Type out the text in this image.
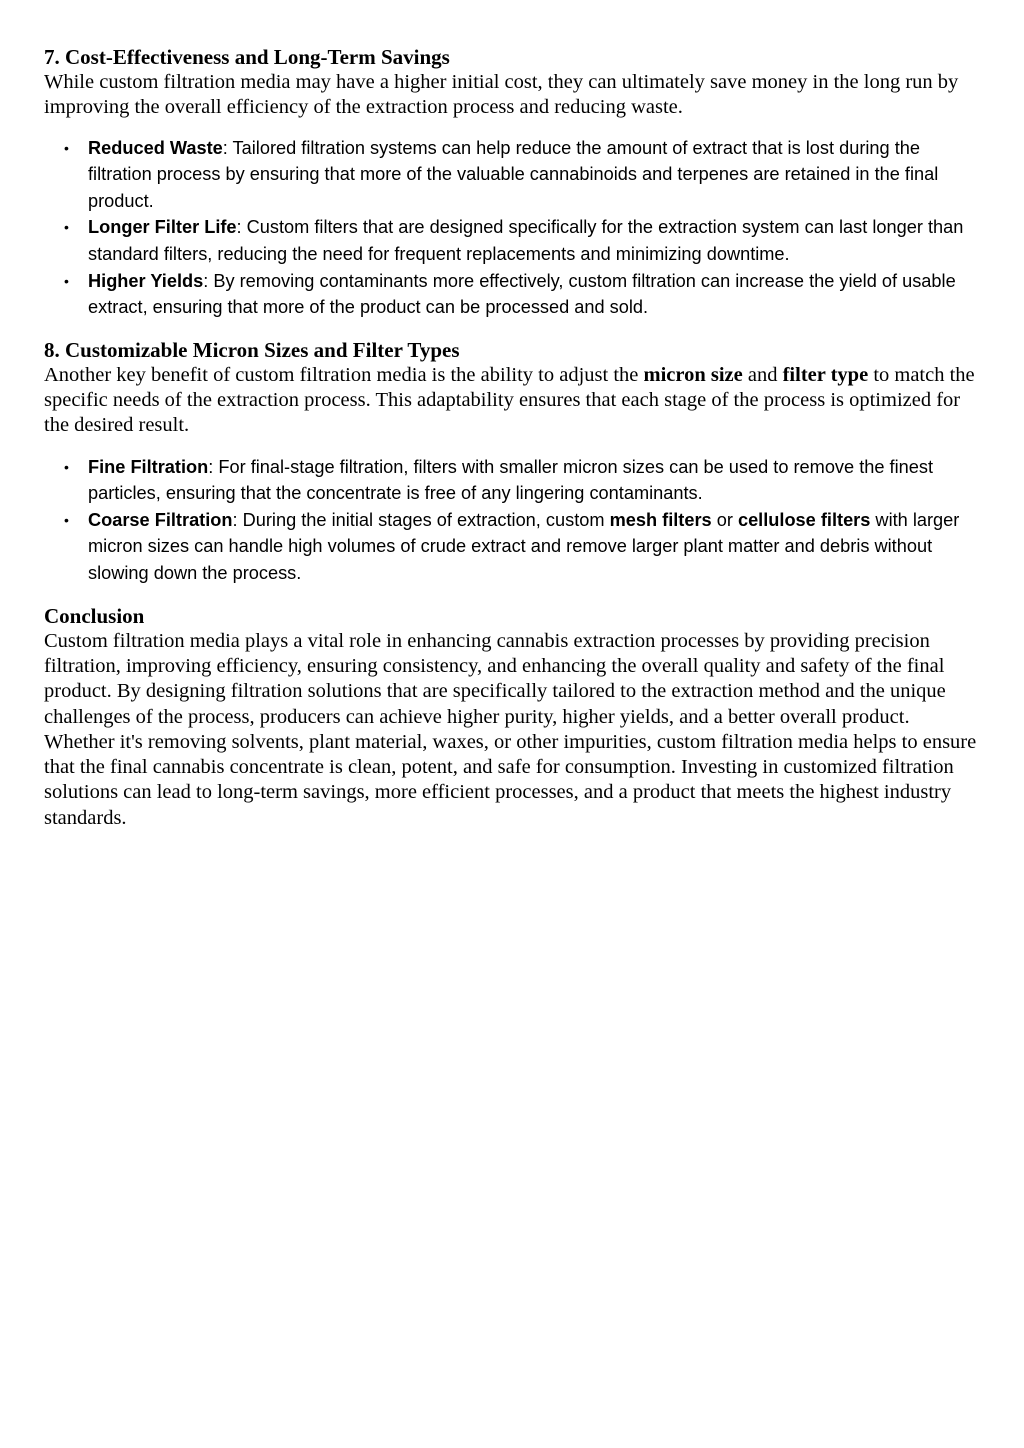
7. Cost-Effectiveness and Long-Term Savings

While custom filtration media may have a higher initial cost, they can ultimately save money in the long run by improving the overall efficiency of the extraction process and reducing waste.

• Reduced Waste: Tailored filtration systems can help reduce the amount of extract that is lost during the filtration process by ensuring that more of the valuable cannabinoids and terpenes are retained in the final product.
• Longer Filter Life: Custom filters that are designed specifically for the extraction system can last longer than standard filters, reducing the need for frequent replacements and minimizing downtime.
• Higher Yields: By removing contaminants more effectively, custom filtration can increase the yield of usable extract, ensuring that more of the product can be processed and sold.
8. Customizable Micron Sizes and Filter Types

Another key benefit of custom filtration media is the ability to adjust the micron size and filter type to match the specific needs of the extraction process. This adaptability ensures that each stage of the process is optimized for the desired result.

• Fine Filtration: For final-stage filtration, filters with smaller micron sizes can be used to remove the finest particles, ensuring that the concentrate is free of any lingering contaminants.
• Coarse Filtration: During the initial stages of extraction, custom mesh filters or cellulose filters with larger micron sizes can handle high volumes of crude extract and remove larger plant matter and debris without slowing down the process.
Conclusion

Custom filtration media plays a vital role in enhancing cannabis extraction processes by providing precision filtration, improving efficiency, ensuring consistency, and enhancing the overall quality and safety of the final product. By designing filtration solutions that are specifically tailored to the extraction method and the unique challenges of the process, producers can achieve higher purity, higher yields, and a better overall product. Whether it's removing solvents, plant material, waxes, or other impurities, custom filtration media helps to ensure that the final cannabis concentrate is clean, potent, and safe for consumption. Investing in customized filtration solutions can lead to long-term savings, more efficient processes, and a product that meets the highest industry standards.
